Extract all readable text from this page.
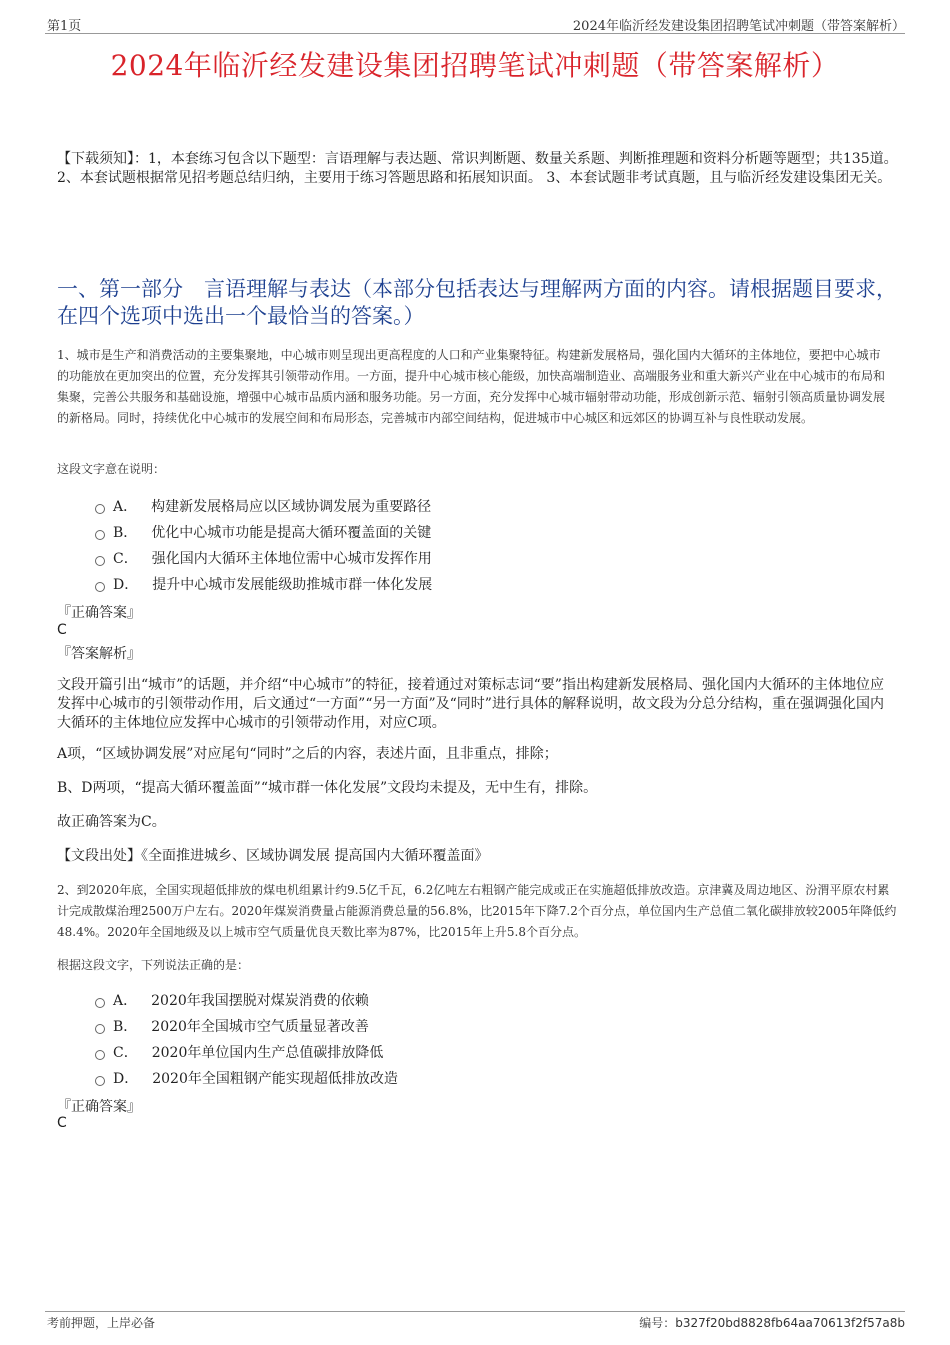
第1页	2024年临沂经发建设集团招聘笔试冲刺题（带答案解析）
2024年临沂经发建设集团招聘笔试冲刺题（带答案解析）
【下载须知】：1，本套练习包含以下题型：言语理解与表达题、常识判断题、数量关系题、判断推理题和资料分析题等题型；共135道。 2、本套试题根据常见招考题总结归纳，主要用于练习答题思路和拓展知识面。 3、本套试题非考试真题，且与临沂经发建设集团无关。
一、第一部分　言语理解与表达（本部分包括表达与理解两方面的内容。请根据题目要求，在四个选项中选出一个最恰当的答案。）
1、城市是生产和消费活动的主要集聚地，中心城市则呈现出更高程度的人口和产业集聚特征。构建新发展格局，强化国内大循环的主体地位，要把中心城市的功能放在更加突出的位置，充分发挥其引领带动作用。一方面，提升中心城市核心能级，加快高端制造业、高端服务业和重大新兴产业在中心城市的布局和集聚，完善公共服务和基础设施，增强中心城市品质内涵和服务功能。另一方面，充分发挥中心城市辐射带动功能，形成创新示范、辐射引领高质量协调发展的新格局。同时，持续优化中心城市的发展空间和布局形态，完善城市内部空间结构，促进城市中心城区和远郊区的协调互补与良性联动发展。
这段文字意在说明：
A． 构建新发展格局应以区域协调发展为重要路径
B． 优化中心城市功能是提高大循环覆盖面的关键
C． 强化国内大循环主体地位需中心城市发挥作用
D． 提升中心城市发展能级助推城市群一体化发展
『正确答案』
C
『答案解析』
文段开篇引出“城市”的话题，并介绍“中心城市”的特征，接着通过对策标志词“要”指出构建新发展格局、强化国内大循环的主体地位应发挥中心城市的引领带动作用，后文通过“一方面”“另一方面”及“同时”进行具体的解释说明，故文段为分总分结构，重在强调强化国内大循环的主体地位应发挥中心城市的引领带动作用，对应C项。
A项，“区域协调发展”对应尾句“同时”之后的内容，表述片面，且非重点，排除；
B、D两项，“提高大循环覆盖面”“城市群一体化发展”文段均未提及，无中生有，排除。
故正确答案为C。
【文段出处】《全面推进城乡、区域协调发展 提高国内大循环覆盖面》
2、到2020年底，全国实现超低排放的煤电机组累计约9.5亿千瓦，6.2亿吨左右粗钢产能完成或正在实施超低排放改造。京津冀及周边地区、汾渭平原农村累计完成散煤治理2500万户左右。2020年煤炭消费量占能源消费总量的56.8%，比2015年下降7.2个百分点，单位国内生产总值二氧化碳排放较2005年降低约48.4%。2020年全国地级及以上城市空气质量优良天数比率为87%，比2015年上升5.8个百分点。
根据这段文字，下列说法正确的是：
A． 2020年我国摆脱对煤炭消费的依赖
B． 2020年全国城市空气质量显著改善
C． 2020年单位国内生产总值碳排放降低
D． 2020年全国粗钢产能实现超低排放改造
『正确答案』
C
考前押题，上岸必备	编号：b327f20bd8828fb64aa70613f2f57a8b
